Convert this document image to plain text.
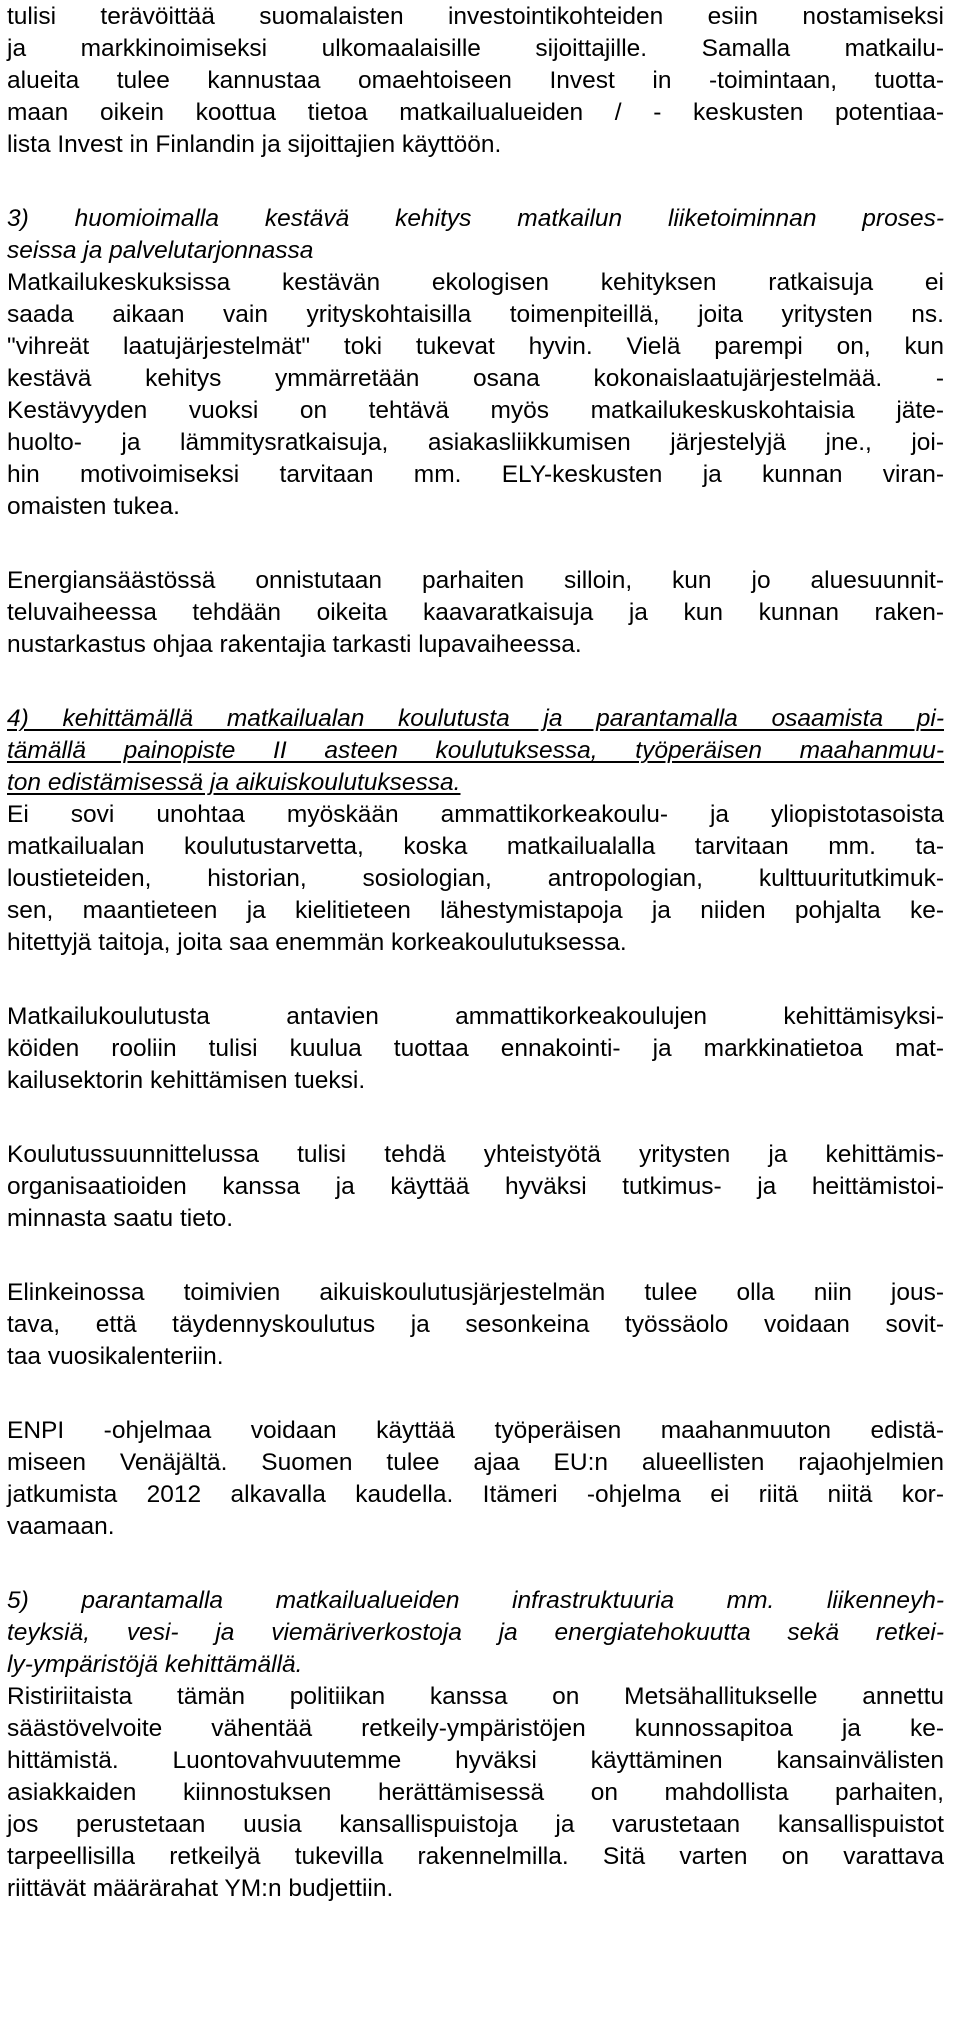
tulisi terävöittää suomalaisten investointikohteiden esiin nostamiseksi
ja markkinoimiseksi ulkomaalaisille sijoittajille. Samalla matkailu-
alueita tulee kannustaa omaehtoiseen Invest in -toimintaan, tuotta-
maan oikein koottua tietoa matkailualueiden / - keskusten potentiaa-
lista Invest in Finlandin ja sijoittajien käyttöön.
3) huomioimalla kestävä kehitys matkailun liiketoiminnan proses-
seissa ja palvelutarjonnassa
Matkailukeskuksissa kestävän ekologisen kehityksen ratkaisuja ei
saada aikaan vain yrityskohtaisilla toimenpiteillä, joita yritysten ns.
"vihreät laatujärjestelmät" toki tukevat hyvin. Vielä parempi on, kun
kestävä kehitys ymmärretään osana kokonaislaatujärjestelmää. -
Kestävyyden vuoksi on tehtävä myös matkailukeskuskohtaisia jäte-
huolto- ja lämmitysratkaisuja, asiakasliikkumisen järjestelyjä jne., joi-
hin motivoimiseksi tarvitaan mm. ELY-keskusten ja kunnan viran-
omaisten tukea.
Energiansäästössä onnistutaan parhaiten silloin, kun jo aluesuunnit-
teluvaiheessa tehdään oikeita kaavaratkaisuja ja kun kunnan raken-
nustarkastus ohjaa rakentajia tarkasti lupavaiheessa.
4) kehittämällä matkailualan koulutusta ja parantamalla osaamista pi-
tämällä painopiste II asteen koulutuksessa, työperäisen maahanmuu-
ton edistämisessä ja aikuiskoulutuksessa.
Ei sovi unohtaa myöskään ammattikorkeakoulu- ja yliopistotasoista
matkailualan koulutustarvetta, koska matkailualalla tarvitaan mm. ta-
loustieteiden, historian, sosiologian, antropologian, kulttuuritutkimuk-
sen, maantieteen ja kielitieteen lähestymistapoja ja niiden pohjalta ke-
hitettyjä taitoja, joita saa enemmän korkeakoulutuksessa.
Matkailukoulutusta antavien ammattikorkeakoulujen kehittämisyksi-
köiden rooliin tulisi kuulua tuottaa ennakointi- ja markkinatietoa mat-
kailusektorin kehittämisen tueksi.
Koulutussuunnittelussa tulisi tehdä yhteistyötä yritysten ja kehittämis-
organisaatioiden kanssa ja käyttää hyväksi tutkimus- ja heittämistoi-
minnasta saatu tieto.
Elinkeinossa toimivien aikuiskoulutusjärjestelmän tulee olla niin jous-
tava, että täydennyskoulutus ja sesonkeina työssäolo voidaan sovit-
taa vuosikalenteriin.
ENPI -ohjelmaa voidaan käyttää työperäisen maahanmuuton edistä-
miseen Venäjältä. Suomen tulee ajaa EU:n alueellisten rajaohjelmien
jatkumista 2012 alkavalla kaudella. Itämeri -ohjelma ei riitä niitä kor-
vaamaan.
5) parantamalla matkailualueiden infrastruktuuria mm. liikenneyh-
teyksiä, vesi- ja viemäriverkostoja ja energiatehokuutta sekä retkei-
ly-ympäristöjä kehittämällä.
Ristiriitaista tämän politiikan kanssa on Metsähallitukselle annettu
säästövelvoite vähentää retkeily-ympäristöjen kunnossapitoa ja ke-
hittämistä. Luontovahvuutemme hyväksi käyttäminen kansainvälisten
asiakkaiden kiinnostuksen herättämisessä on mahdollista parhaiten,
jos perustetaan uusia kansallispuistoja ja varustetaan kansallispuistot
tarpeellisilla retkeilyä tukevilla rakennelmilla. Sitä varten on varattava
riittävät määrärahat YM:n budjettiin.
